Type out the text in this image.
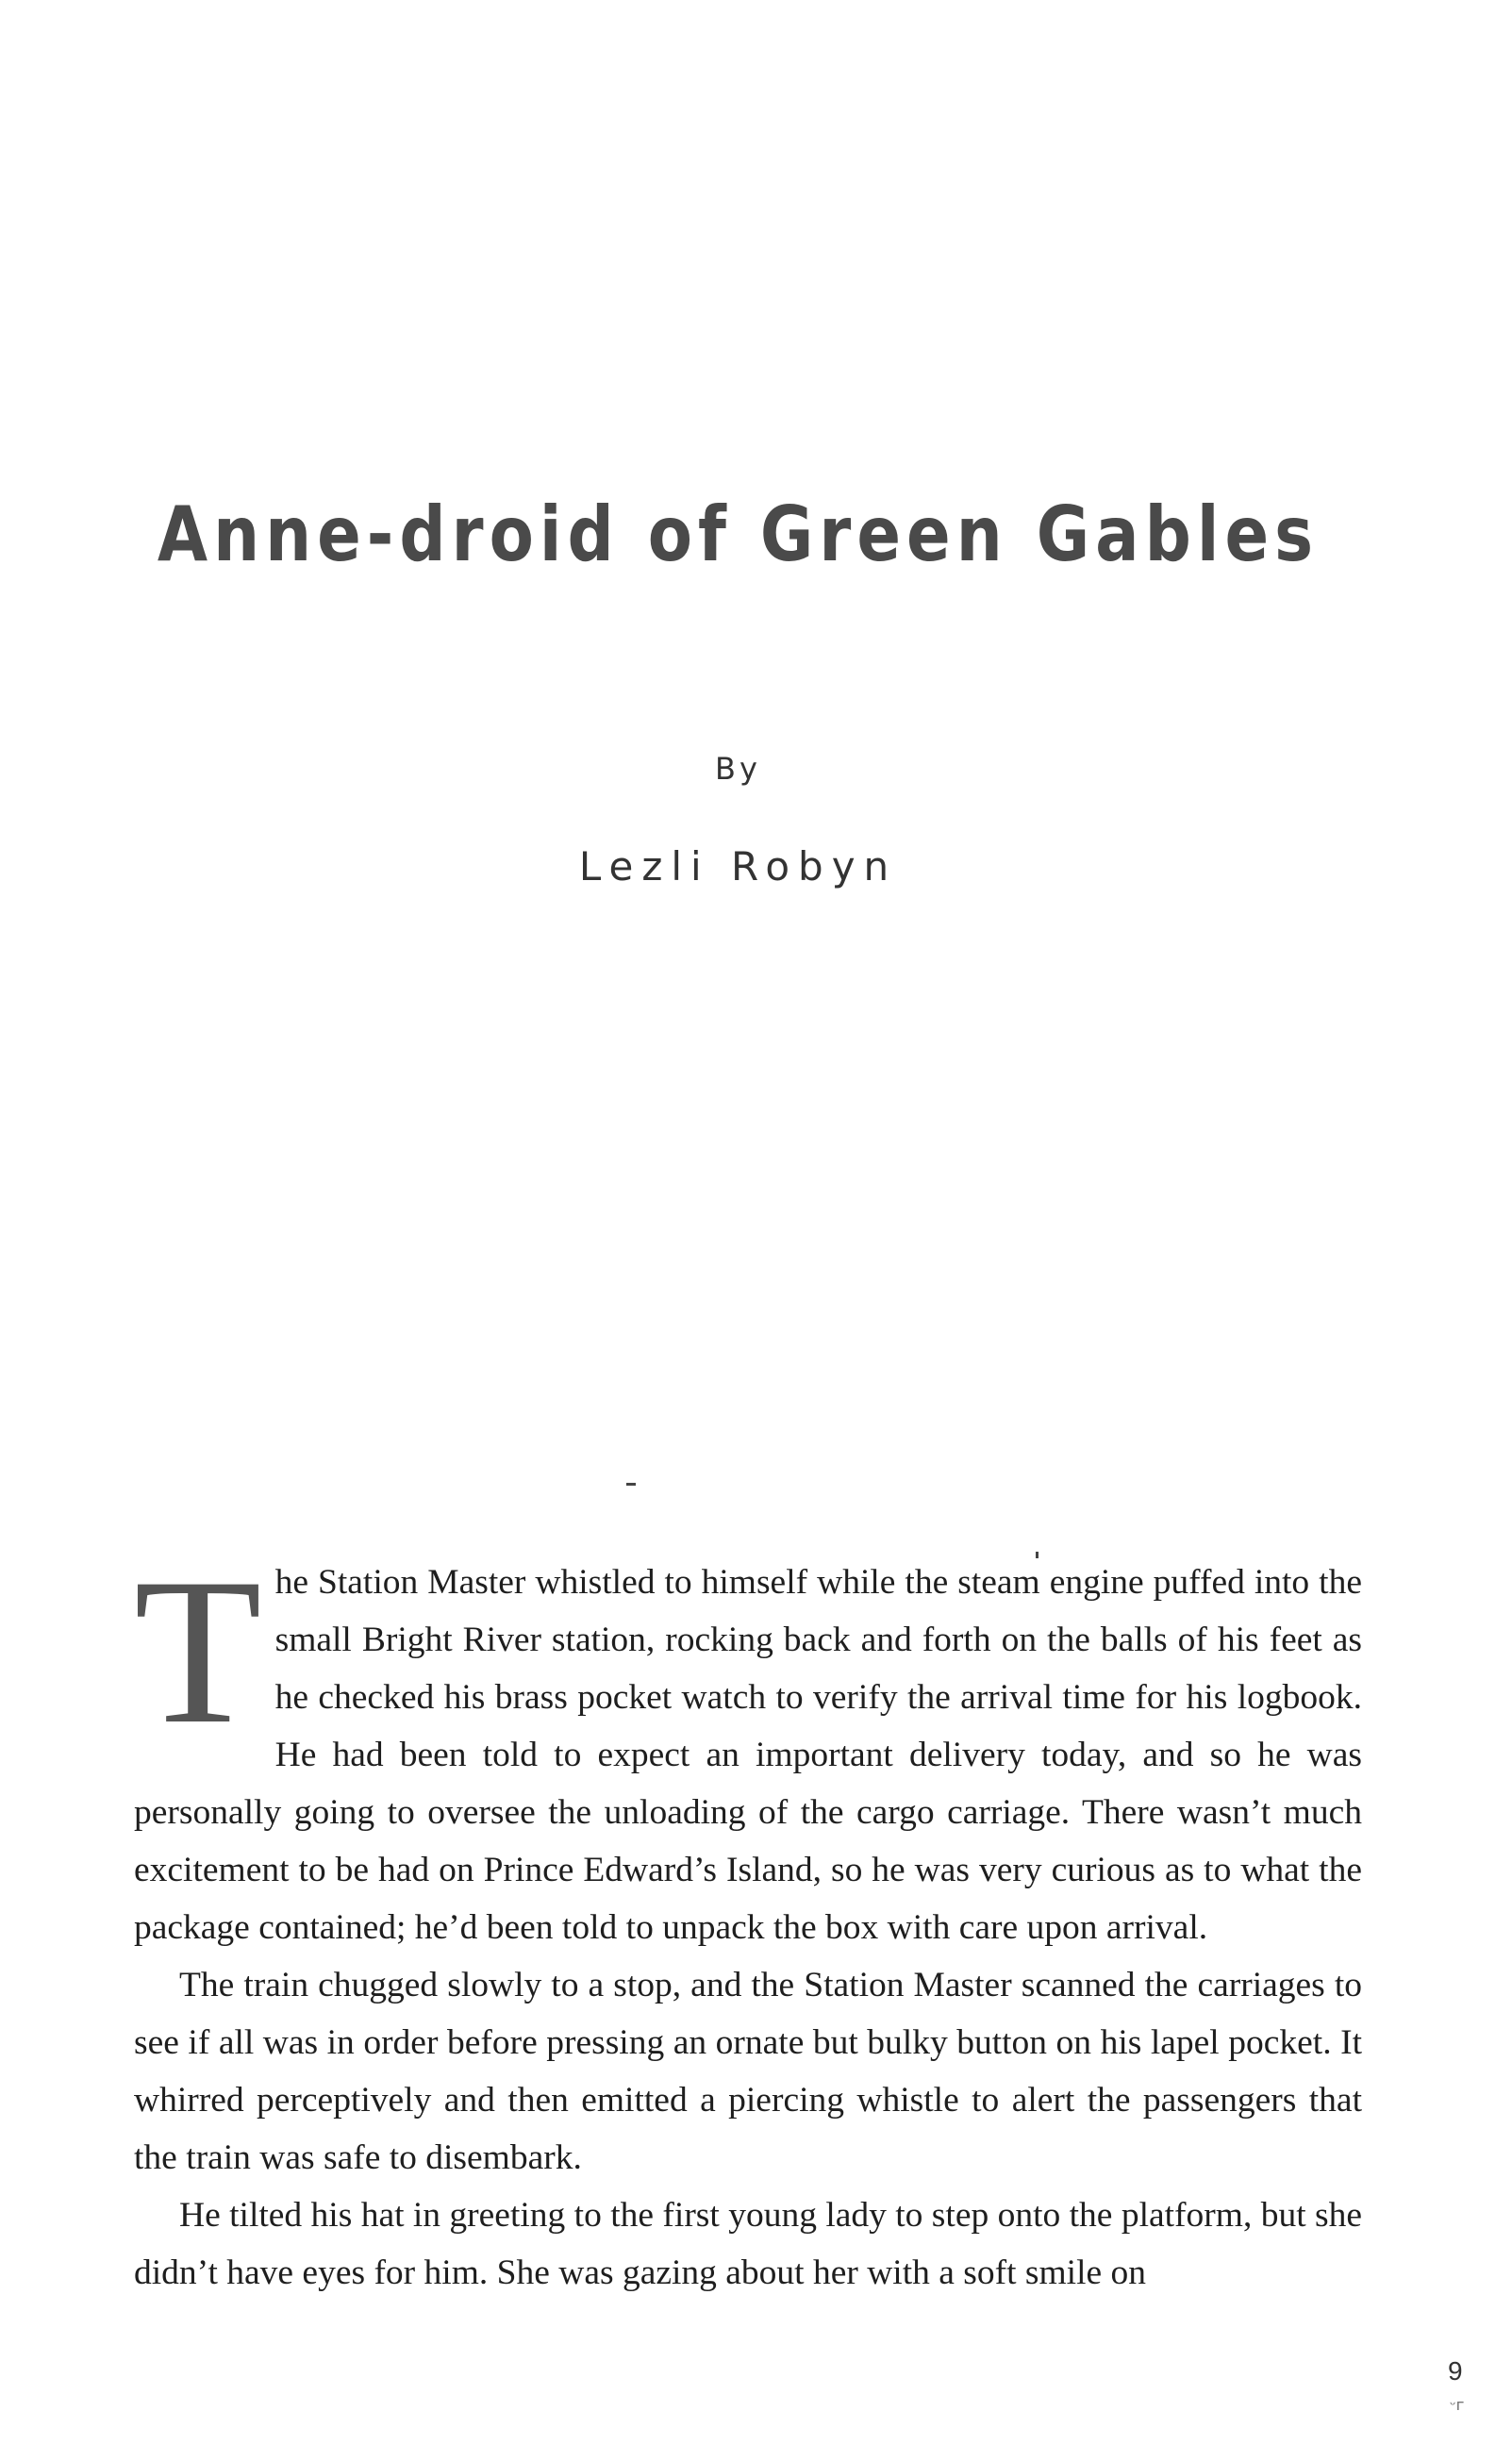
Anne-droid of Green Gables
By
Lezli Robyn

The Station Master whistled to himself while the steam engine puffed into the small Bright River station, rocking back and forth on the balls of his feet as he checked his brass pocket watch to verify the arrival time for his logbook. He had been told to expect an important delivery today, and so he was personally going to oversee the unloading of the cargo carriage. There wasn’t much excitement to be had on Prince Edward’s Island, so he was very curious as to what the package contained; he’d been told to unpack the box with care upon arrival.

The train chugged slowly to a stop, and the Station Master scanned the carriages to see if all was in order before pressing an ornate but bulky button on his lapel pocket. It whirred perceptively and then emitted a piercing whistle to alert the passengers that the train was safe to disembark.

He tilted his hat in greeting to the first young lady to step onto the platform, but she didn’t have eyes for him. She was gazing about her with a soft smile on

9
ᵕᴦ
